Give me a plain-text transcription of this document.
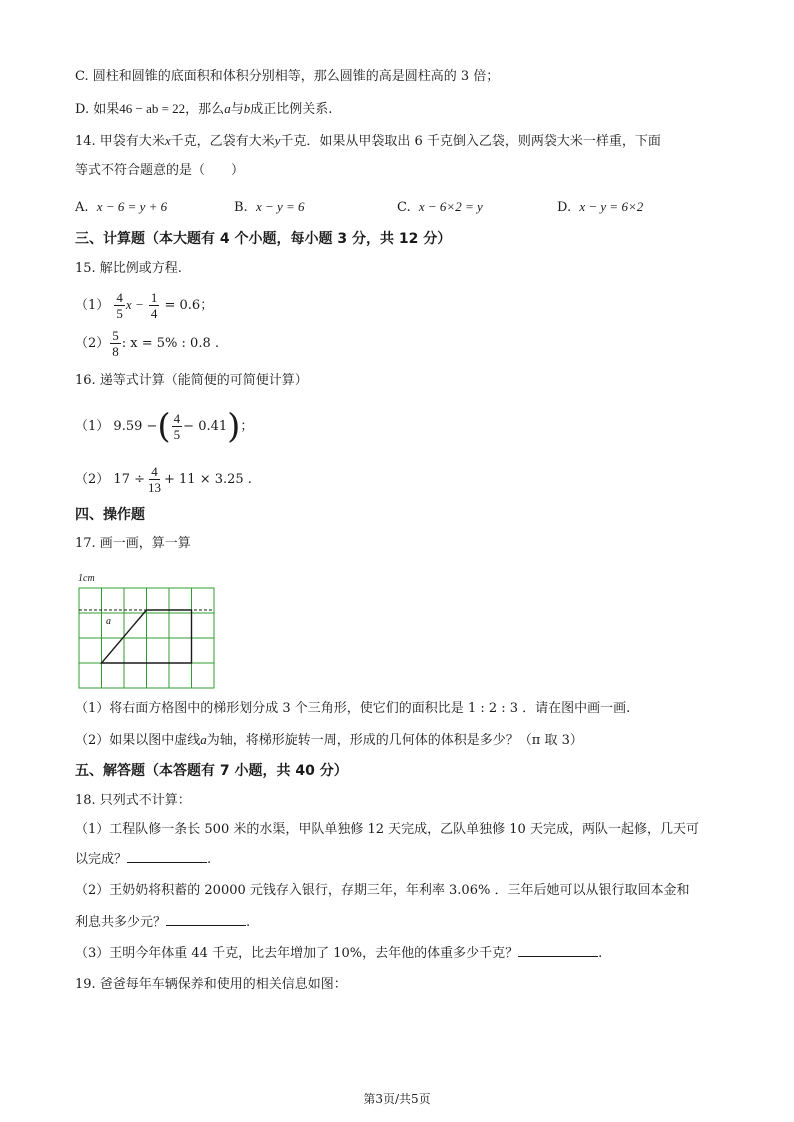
C. 圆柱和圆锥的底面积和体积分别相等，那么圆锥的高是圆柱高的 3 倍；
D. 如果46 − ab = 22，那么a与b成正比例关系.
14. 甲袋有大米x千克，乙袋有大米y千克．如果从甲袋取出 6 千克倒入乙袋，则两袋大米一样重，下面
等式不符合题意的是（　　）
A. x − 6 = y + 6	B. x − y = 6	C. x − 6×2 = y	D. x − y = 6×2
三、计算题（本大题有 4 个小题，每小题 3 分，共 12 分）
15. 解比例或方程.
$(1) \frac{4}{5}$ $x - \frac{1}{4} = 0.6$；
$(2) \frac{5}{8}$ : x = 5% : 0.8 .
16. 递等式计算（能简便的可简便计算）
（1） 9.59 −( $\frac{4}{5} - 0.41$)；
（2） $17 \div \frac{4}{13} + 11 \times 3.25$ .
四、操作题
17. 画一画，算一算
1cm
a
（1）将右面方格图中的梯形划分成 3 个三角形，使它们的面积比是 1 : 2 : 3 ．请在图中画一画.
（2）如果以图中虚线a为轴，将梯形旋转一周，形成的几何体的体积是多少？（π 取 3）
五、解答题（本答题有 7 小题，共 40 分）
18. 只列式不计算：
（1）工程队修一条长 500 米的水渠，甲队单独修 12 天完成，乙队单独修 10 天完成，两队一起修，几天可
以完成？	.
（2）王奶奶将积蓄的 20000 元钱存入银行，存期三年，年利率 3.06% ．三年后她可以从银行取回本金和
利息共多少元？	.
（3）王明今年体重 44 千克，比去年增加了 10%，去年他的体重多少千克？	.
19. 爸爸每年车辆保养和使用的相关信息如图：
第3页/共5页
